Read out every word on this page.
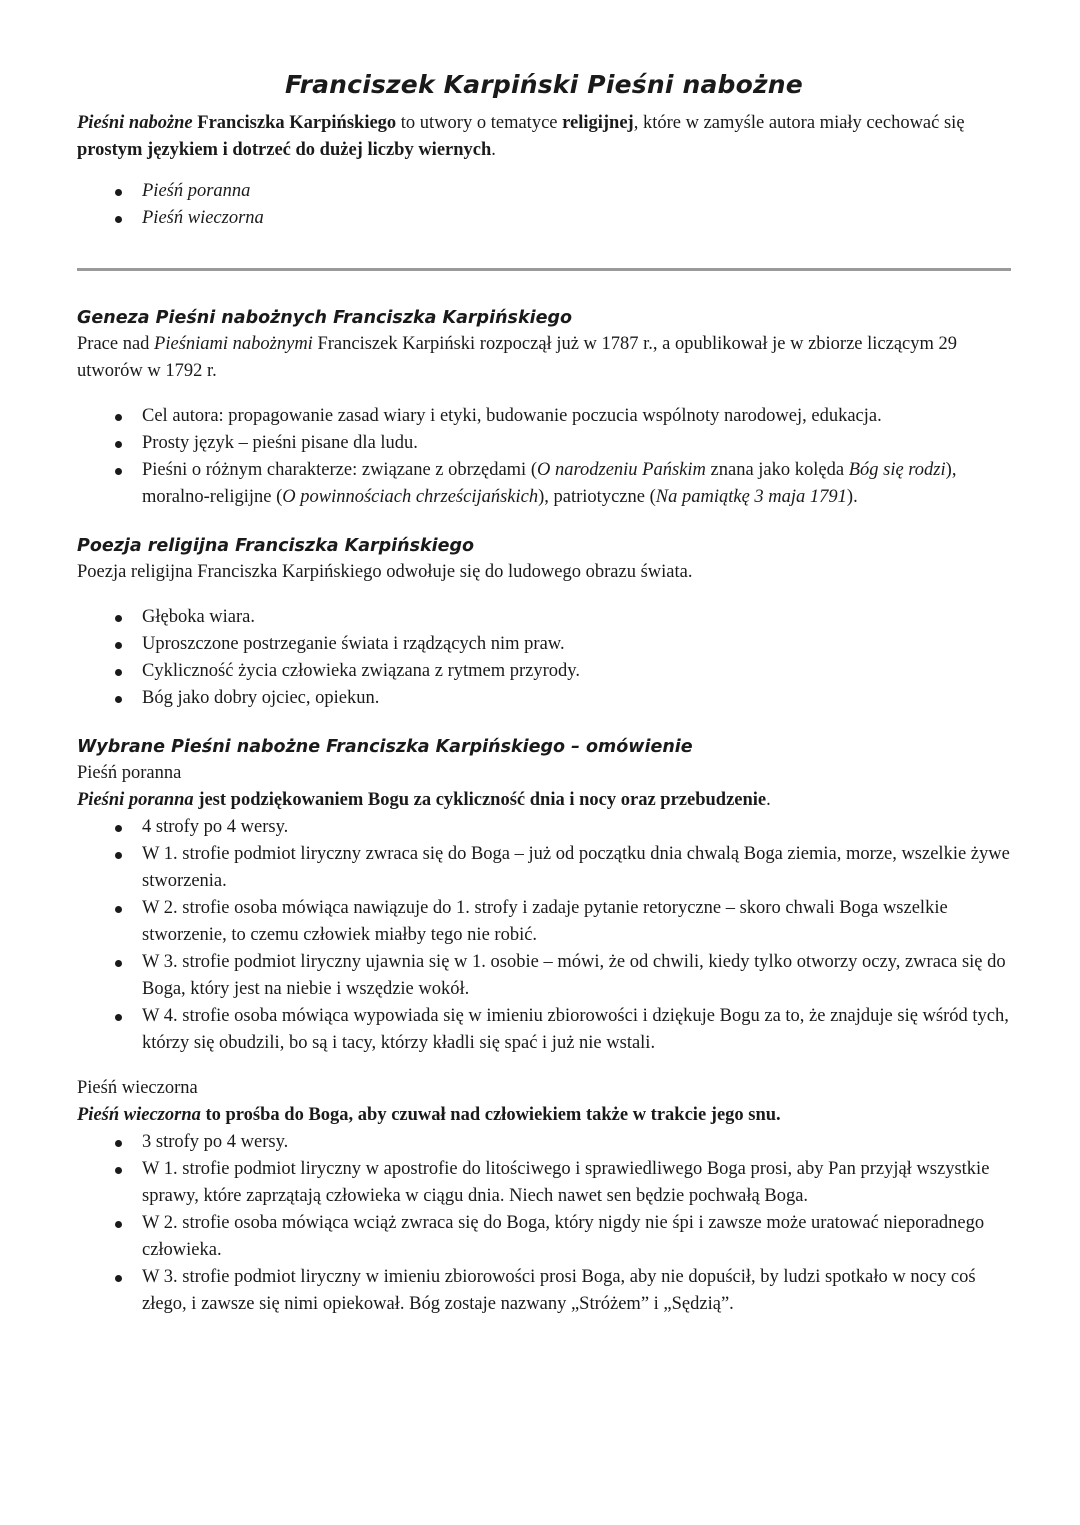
Franciszek Karpiński Pieśni nabożne

Pieśni nabożne Franciszka Karpińskiego to utwory o tematyce religijnej, które w zamyśle autora miały cechować się prostym językiem i dotrzeć do dużej liczby wiernych.

Pieśń poranna
Pieśń wieczorna
Geneza Pieśni nabożnych Franciszka Karpińskiego

Prace nad Pieśniami nabożnymi Franciszek Karpiński rozpoczął już w 1787 r., a opublikował je w zbiorze liczącym 29 utworów w 1792 r.

Cel autora: propagowanie zasad wiary i etyki, budowanie poczucia wspólnoty narodowej, edukacja.
Prosty język – pieśni pisane dla ludu.
Pieśni o różnym charakterze: związane z obrzędami (O narodzeniu Pańskim znana jako kolęda Bóg się rodzi), moralno-religijne (O powinnościach chrześcijańskich), patriotyczne (Na pamiątkę 3 maja 1791).
Poezja religijna Franciszka Karpińskiego

Poezja religijna Franciszka Karpińskiego odwołuje się do ludowego obrazu świata.

Głęboka wiara.
Uproszczone postrzeganie świata i rządzących nim praw.
Cykliczność życia człowieka związana z rytmem przyrody.
Bóg jako dobry ojciec, opiekun.
Wybrane Pieśni nabożne Franciszka Karpińskiego – omówienie

Pieśń poranna

Pieśni poranna jest podziękowaniem Bogu za cykliczność dnia i nocy oraz przebudzenie.

4 strofy po 4 wersy.
W 1. strofie podmiot liryczny zwraca się do Boga – już od początku dnia chwalą Boga ziemia, morze, wszelkie żywe stworzenia.
W 2. strofie osoba mówiąca nawiązuje do 1. strofy i zadaje pytanie retoryczne – skoro chwali Boga wszelkie stworzenie, to czemu człowiek miałby tego nie robić.
W 3. strofie podmiot liryczny ujawnia się w 1. osobie – mówi, że od chwili, kiedy tylko otworzy oczy, zwraca się do Boga, który jest na niebie i wszędzie wokół.
W 4. strofie osoba mówiąca wypowiada się w imieniu zbiorowości i dziękuje Bogu za to, że znajduje się wśród tych, którzy się obudzili, bo są i tacy, którzy kładli się spać i już nie wstali.

Pieśń wieczorna

Pieśń wieczorna to prośba do Boga, aby czuwał nad człowiekiem także w trakcie jego snu.

3 strofy po 4 wersy.
W 1. strofie podmiot liryczny w apostrofie do litościwego i sprawiedliwego Boga prosi, aby Pan przyjął wszystkie sprawy, które zaprzątają człowieka w ciągu dnia. Niech nawet sen będzie pochwałą Boga.
W 2. strofie osoba mówiąca wciąż zwraca się do Boga, który nigdy nie śpi i zawsze może uratować nieporadnego człowieka.
W 3. strofie podmiot liryczny w imieniu zbiorowości prosi Boga, aby nie dopuścił, by ludzi spotkało w nocy coś złego, i zawsze się nimi opiekował. Bóg zostaje nazwany „Stróżem” i „Sędzią”.
